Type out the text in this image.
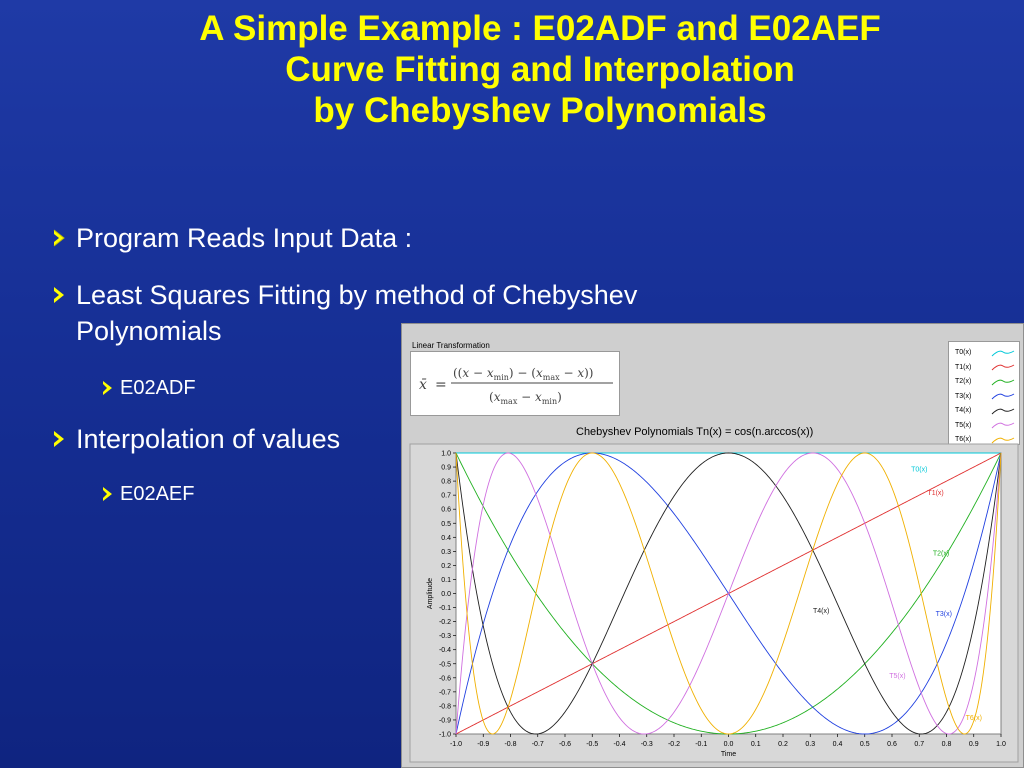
A Simple Example : E02ADF and E02AEF
Curve Fitting and Interpolation
by Chebyshev Polynomials
Program Reads Input Data :
Least Squares Fitting by method of Chebyshev
Polynomials
E02ADF
Interpolation of values
E02AEF
Linear Transformation
x̄ =
$((x - x_{min}) - (x_{max} - x))$
$(x_{max} - x_{min})$
Chebyshev Polynomials Tn(x) = cos(n.arccos(x))
T0(x)
T1(x)
T2(x)
T3(x)
T4(x)
T5(x)
T6(x)
1.0
0.9
0.8
0.7
0.6
0.5
0.4
0.3
0.2
0.1
0.0
-0.1
-0.2
-0.3
-0.4
-0.5
-0.6
-0.7
-0.8
-0.9
-1.0
-1.0 -0.9 -0.8 -0.7 -0.6 -0.5 -0.4 -0.3 -0.2 -0.1 0.0	0.1	0.2	0.3	0.4	0.5	0.6	0.7	0.8	0.9	1.0
Time
Amplitude
T0(x)
T1(x)
T2(x)
T3(x)
T4(x)
T5(x)
T6(x)
